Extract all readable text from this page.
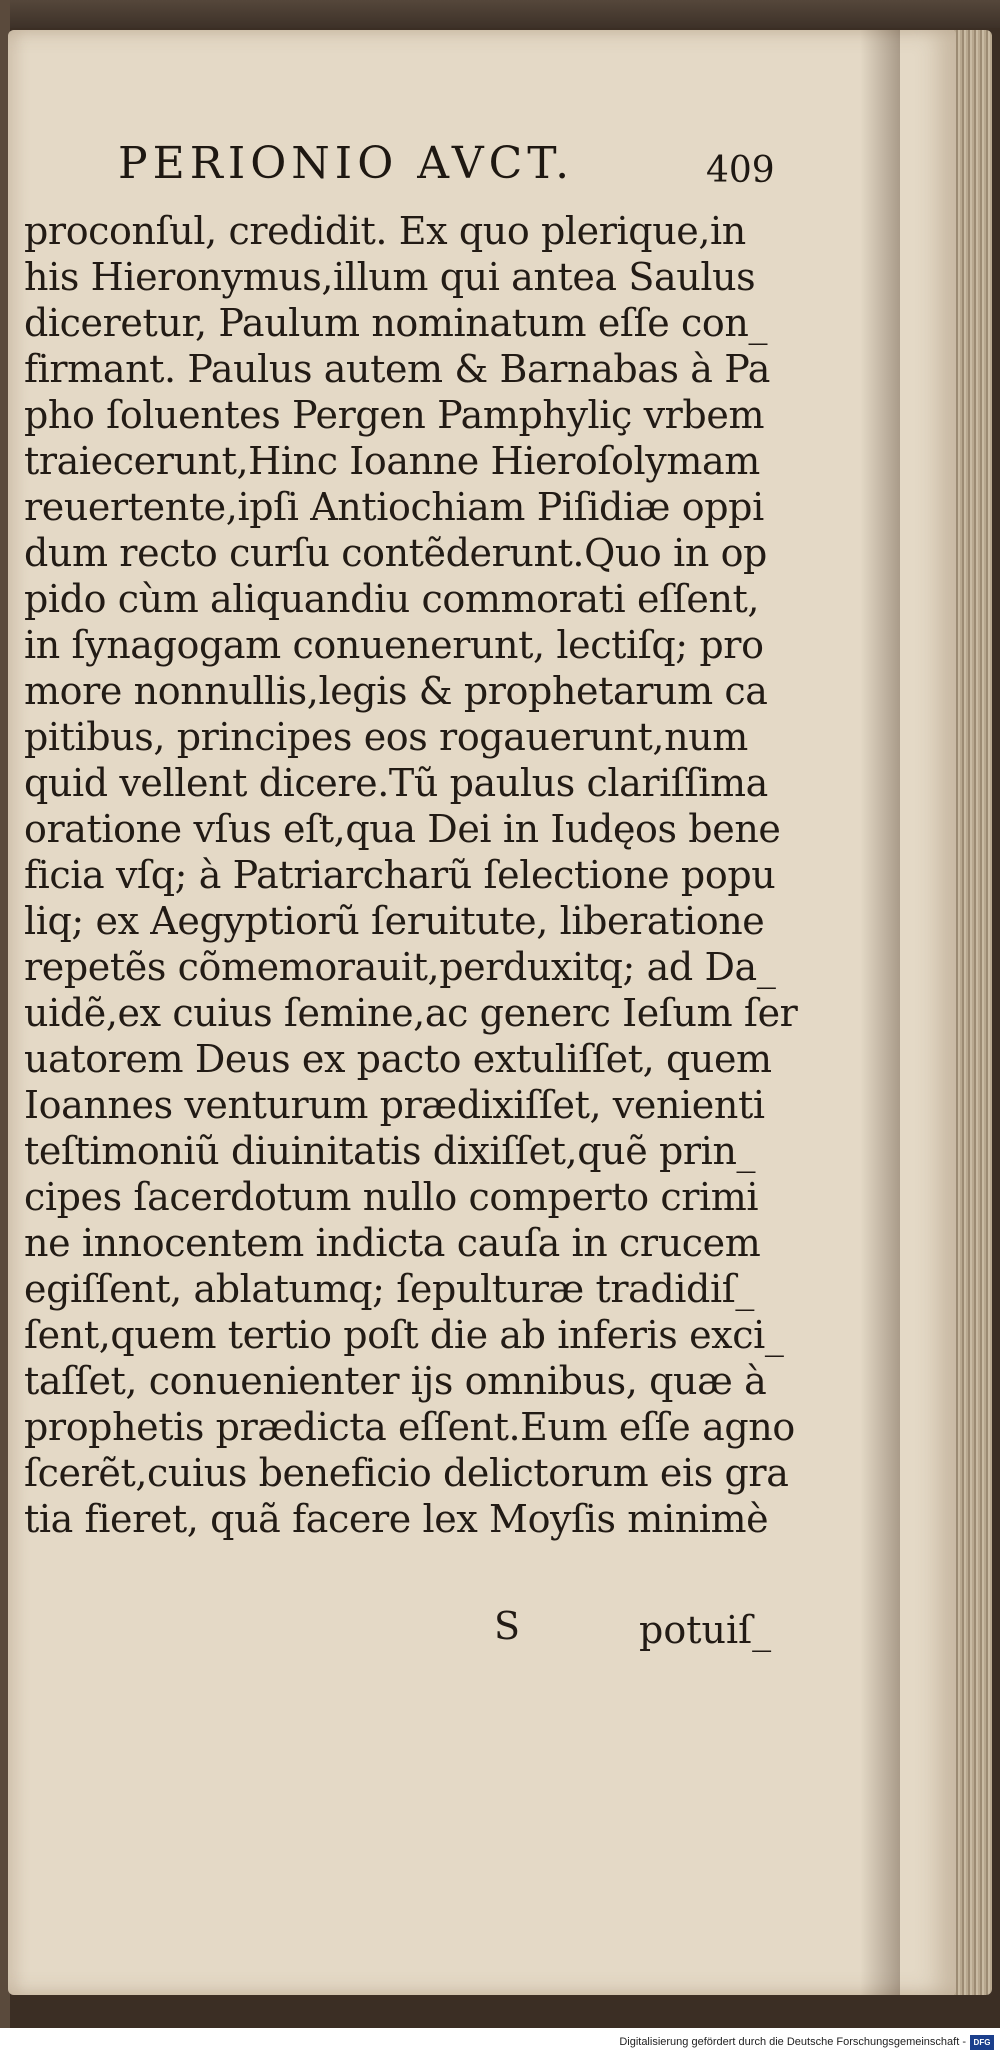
PERIONIO AVCT.	409
proconſul, credidit. Ex quo plerique,in
his Hieronymus,illum qui antea Saulus
diceretur, Paulum nominatum eſſe con_
firmant. Paulus autem & Barnabas à Pa
pho ſoluentes Pergen Pamphyliç vrbem
traiecerunt,Hinc Ioanne Hieroſolymam
reuertente,ipſi Antiochiam Piſidiæ oppi
dum recto curſu contẽderunt.Quo in op
pido cùm aliquandiu commorati eſſent,
in ſynagogam conuenerunt, lectiſq; pro
more nonnullis,legis & prophetarum ca
pitibus, principes eos rogauerunt,num
quid vellent dicere.Tũ paulus clariſſima
oratione vſus eſt,qua Dei in Iudęos bene
ficia vſq; à Patriarcharũ ſelectione popu
liq; ex Aegyptiorũ ſeruitute, liberatione
repetẽs cõmemorauit,perduxitq; ad Da_
uidẽ,ex cuius ſemine,ac generc Ieſum ſer
uatorem Deus ex pacto extuliſſet, quem
Ioannes venturum prædixiſſet, venienti
teſtimoniũ diuinitatis dixiſſet,quẽ prin_
cipes ſacerdotum nullo comperto crimi
ne innocentem indicta cauſa in crucem
egiſſent, ablatumq; ſepulturæ tradidiſ_
ſent,quem tertio poſt die ab inferis exci_
taſſet, conuenienter ijs omnibus, quæ à
prophetis prædicta eſſent.Eum eſſe agno
ſcerẽt,cuius beneficio delictorum eis gra
tia fieret, quã facere lex Moyſis minimè
S	potuiſ_
Digitalisierung gefördert durch die Deutsche Forschungsgemeinschaft - DFG
